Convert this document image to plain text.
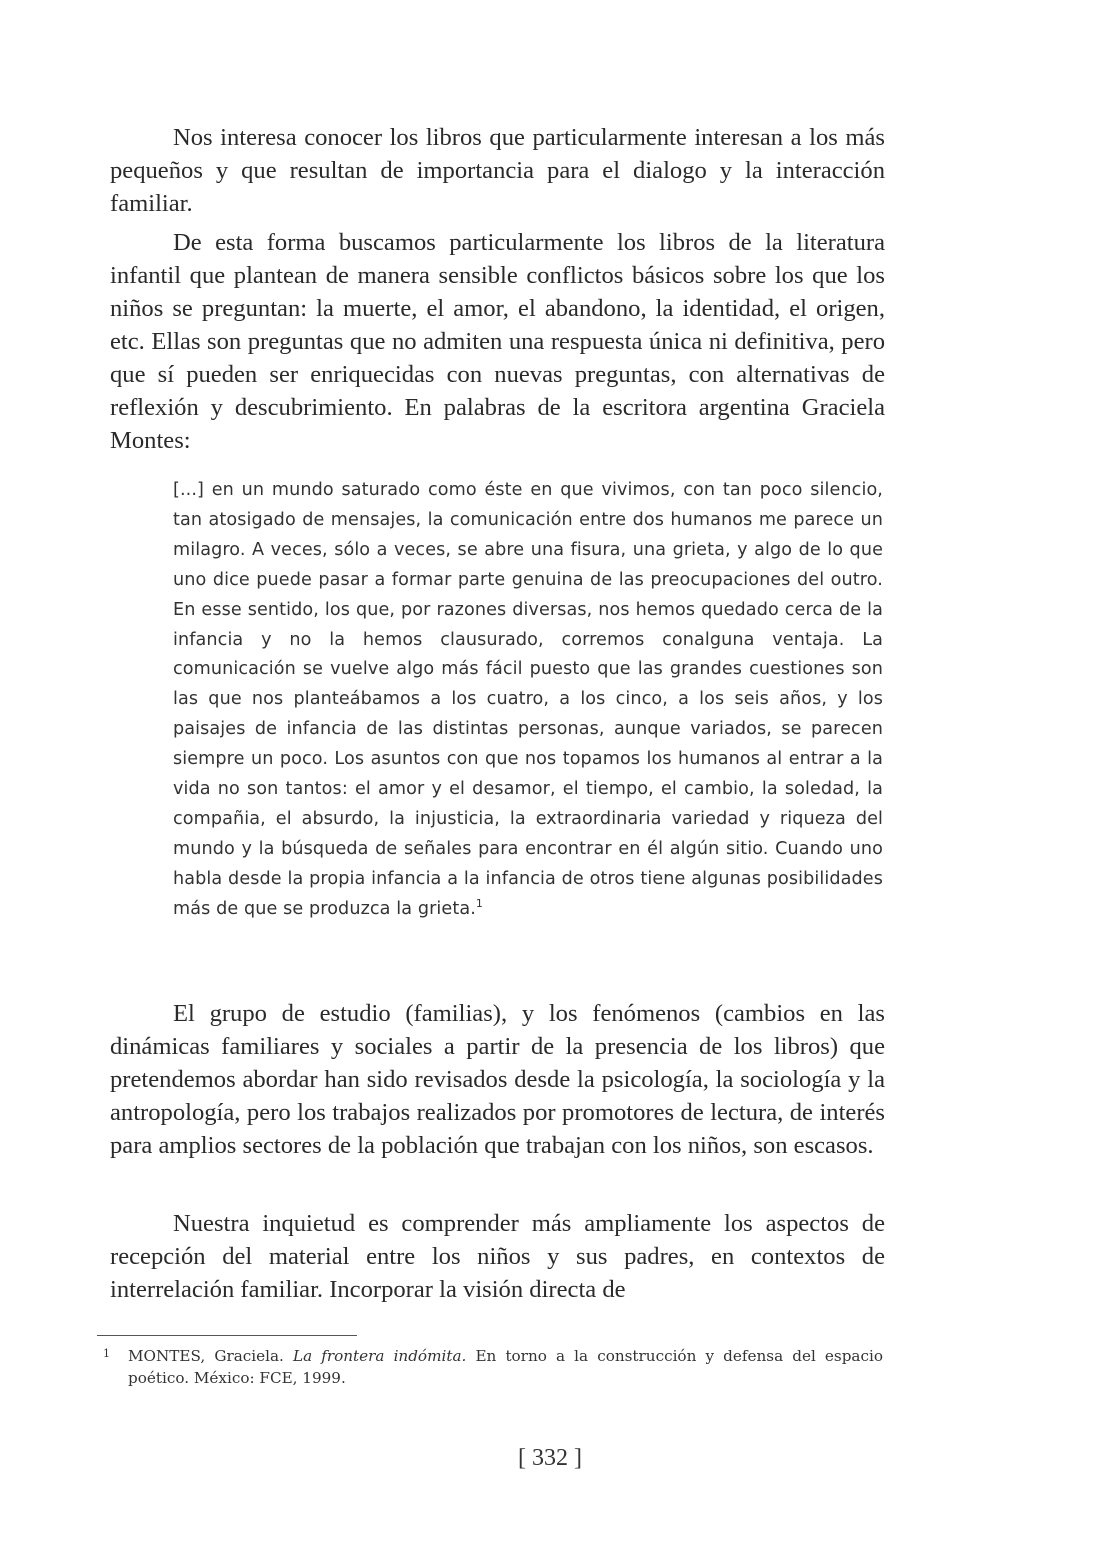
Nos interesa conocer los libros que particularmente interesan a los más pequeños y que resultan de importancia para el dialogo y la interacción familiar.

De esta forma buscamos particularmente los libros de la literatura infantil que plantean de manera sensible conflictos básicos sobre los que los niños se preguntan: la muerte, el amor, el abandono, la identidad, el origen, etc. Ellas son preguntas que no admiten una respuesta única ni definitiva, pero que sí pueden ser enriquecidas con nuevas preguntas, con alternativas de reflexión y descubrimiento. En palabras de la escritora argentina Graciela Montes:

[...] en un mundo saturado como éste en que vivimos, con tan poco silencio, tan atosigado de mensajes, la comunicación entre dos humanos me parece un milagro. A veces, sólo a veces, se abre una fisura, una grieta, y algo de lo que uno dice puede pasar a formar parte genuina de las preocupaciones del outro. En esse sentido, los que, por razones diversas, nos hemos quedado cerca de la infancia y no la hemos clausurado, corremos conalguna ventaja. La comunicación se vuelve algo más fácil puesto que las grandes cuestiones son las que nos planteábamos a los cuatro, a los cinco, a los seis años, y los paisajes de infancia de las distintas personas, aunque variados, se parecen siempre un poco. Los asuntos con que nos topamos los humanos al entrar a la vida no son tantos: el amor y el desamor, el tiempo, el cambio, la soledad, la compañia, el absurdo, la injusticia, la extraordinaria variedad y riqueza del mundo y la búsqueda de señales para encontrar en él algún sitio. Cuando uno habla desde la propia infancia a la infancia de otros tiene algunas posibilidades más de que se produzca la grieta.$^1$

El grupo de estudio (familias), y los fenómenos (cambios en las dinámicas familiares y sociales a partir de la presencia de los libros) que pretendemos abordar han sido revisados desde la psicología, la sociología y la antropología, pero los trabajos realizados por promotores de lectura, de interés para amplios sectores de la población que trabajan con los niños, son escasos.

Nuestra inquietud es comprender más ampliamente los aspectos de recepción del material entre los niños y sus padres, en contextos de interrelación familiar. Incorporar la visión directa de

1 MONTES, Graciela. La frontera indómita. En torno a la construcción y defensa del espacio poético. México: FCE, 1999.
[ 332 ]
